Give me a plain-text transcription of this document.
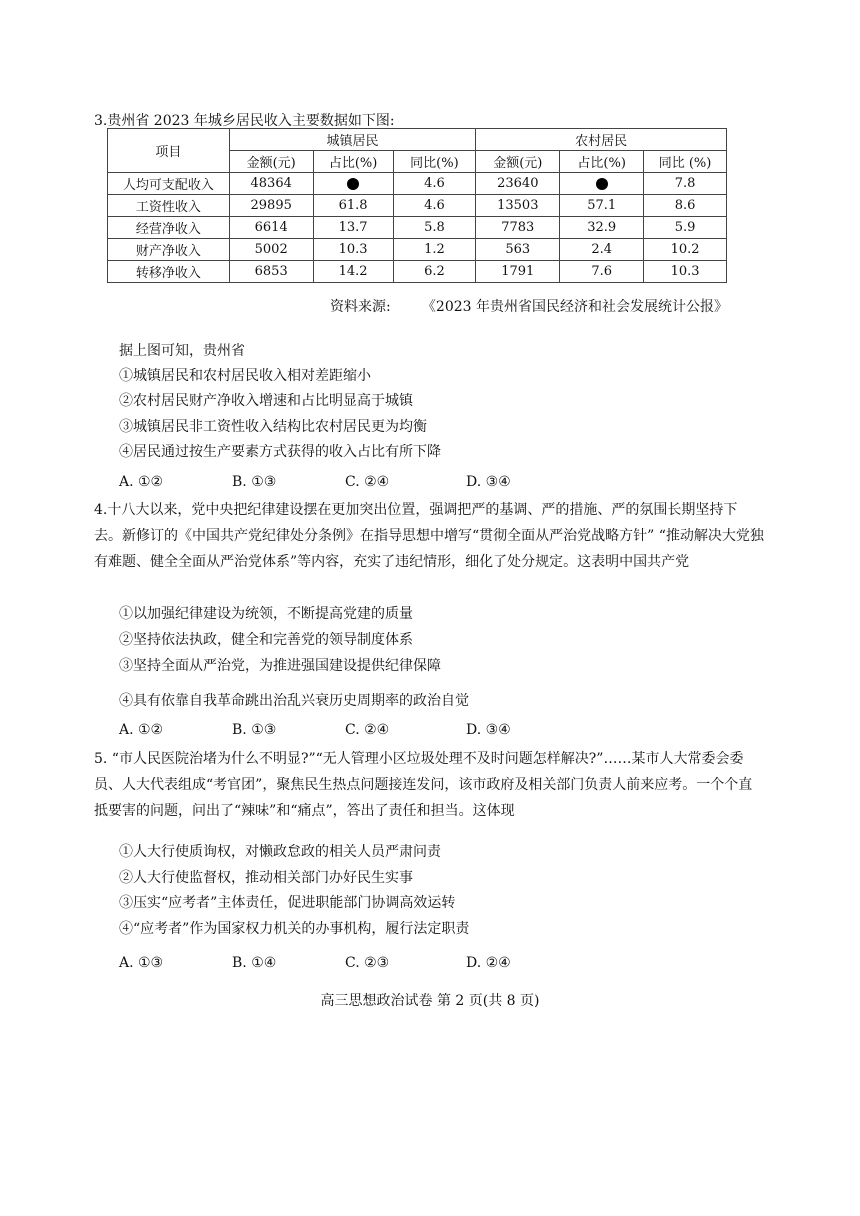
3.贵州省 2023 年城乡居民收入主要数据如下图:
项目	城镇居民			农村居民		
	金额(元)	占比(%)	同比(%)	金额(元)	占比(%)	同比 (%)
人均可支配收入	48364		4.6	23640		7.8
工资性收入	29895	61.8	4.6	13503	57.1	8.6
经营净收入	6614	13.7	5.8	7783	32.9	5.9
财产净收入	5002	10.3	1.2	563	2.4	10.2
转移净收入	6853	14.2	6.2	1791	7.6	10.3
资料来源: 《2023 年贵州省国民经济和社会发展统计公报》
据上图可知，贵州省
①城镇居民和农村居民收入相对差距缩小
②农村居民财产净收入增速和占比明显高于城镇
③城镇居民非工资性收入结构比农村居民更为均衡
④居民通过按生产要素方式获得的收入占比有所下降
A. ①②	B. ①③	C. ②④	D. ③④
4.十八大以来，党中央把纪律建设摆在更加突出位置，强调把严的基调、严的措施、严的氛围长期坚持下去。新修订的《中国共产党纪律处分条例》在指导思想中增写“贯彻全面从严治党战略方针” “推动解决大党独有难题、健全全面从严治党体系”等内容，充实了违纪情形，细化了处分规定。这表明中国共产党
①以加强纪律建设为统领，不断提高党建的质量
②坚持依法执政，健全和完善党的领导制度体系
③坚持全面从严治党，为推进强国建设提供纪律保障
④具有依靠自我革命跳出治乱兴衰历史周期率的政治自觉
A. ①②	B. ①③	C. ②④	D. ③④
5. “市人民医院治堵为什么不明显?”“无人管理小区垃圾处理不及时问题怎样解决?”……某市人大常委会委员、人大代表组成“考官团”，聚焦民生热点问题接连发问，该市政府及相关部门负责人前来应考。一个个直抵要害的问题，问出了“辣味”和“痛点”，答出了责任和担当。这体现
①人大行使质询权，对懒政怠政的相关人员严肃问责
②人大行使监督权，推动相关部门办好民生实事
③压实“应考者”主体责任，促进职能部门协调高效运转
④“应考者”作为国家权力机关的办事机构，履行法定职责
A. ①③	B. ①④	C. ②③	D. ②④
高三思想政治试卷 第 2 页(共 8 页)
